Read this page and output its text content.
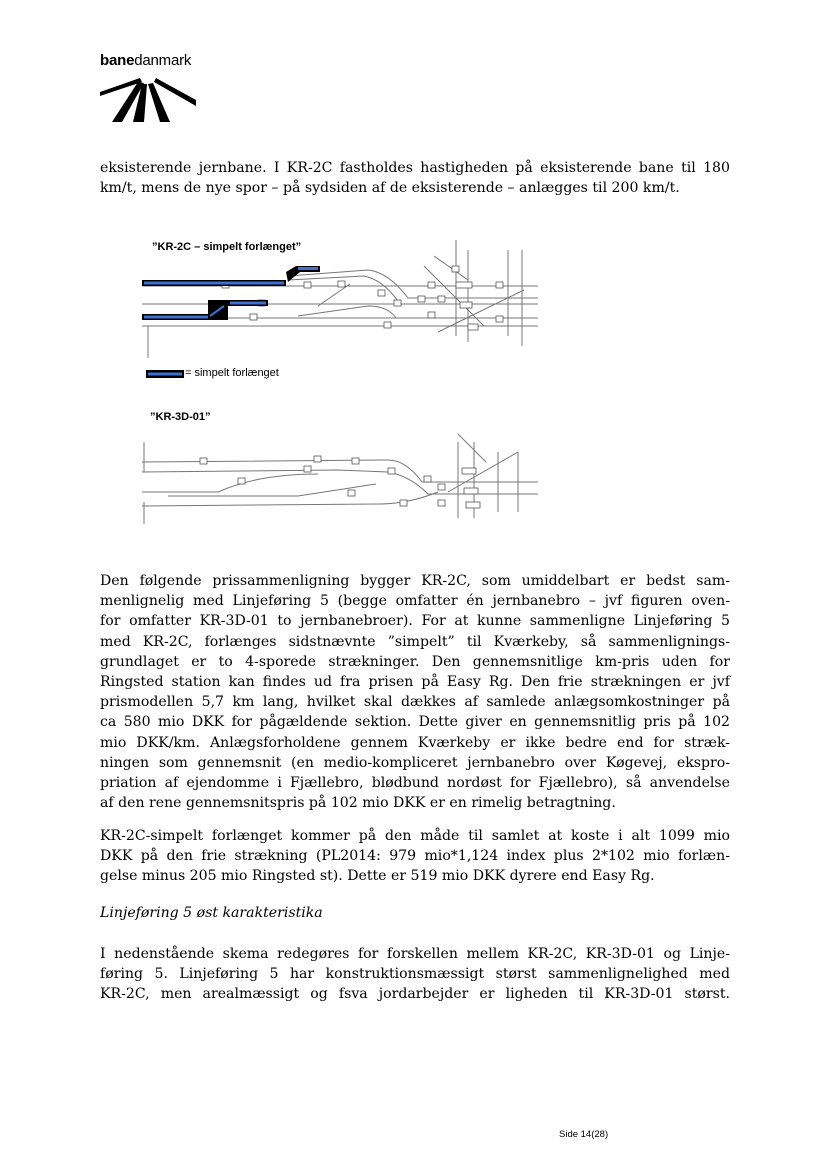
banedanmark

eksisterende jernbane. I KR-2C fastholdes hastigheden på eksisterende bane til 180
km/t, mens de nye spor – på sydsiden af de eksisterende – anlægges til 200 km/t.

”KR-2C – simpelt forlænget”
= simpelt forlænget
”KR-3D-01”

Den følgende prissammenligning bygger KR-2C, som umiddelbart er bedst sam-
menlignelig med Linjeføring 5 (begge omfatter én jernbanebro – jvf figuren oven-
for omfatter KR-3D-01 to jernbanebroer). For at kunne sammenligne Linjeføring 5
med KR-2C, forlænges sidstnævnte ”simpelt” til Kværkeby, så sammenlignings-
grundlaget er to 4-sporede strækninger. Den gennemsnitlige km-pris uden for
Ringsted station kan findes ud fra prisen på Easy Rg. Den frie strækningen er jvf
prismodellen 5,7 km lang, hvilket skal dækkes af samlede anlægsomkostninger på
ca 580 mio DKK for pågældende sektion. Dette giver en gennemsnitlig pris på 102
mio DKK/km. Anlægsforholdene gennem Kværkeby er ikke bedre end for stræk-
ningen som gennemsnit (en medio-kompliceret jernbanebro over Køgevej, ekspro-
priation af ejendomme i Fjællebro, blødbund nordøst for Fjællebro), så anvendelse
af den rene gennemsnitspris på 102 mio DKK er en rimelig betragtning.

KR-2C-simpelt forlænget kommer på den måde til samlet at koste i alt 1099 mio
DKK på den frie strækning (PL2014: 979 mio*1,124 index plus 2*102 mio forlæn-
gelse minus 205 mio Ringsted st). Dette er 519 mio DKK dyrere end Easy Rg.

Linjeføring 5 øst karakteristika

I nedenstående skema redegøres for forskellen mellem KR-2C, KR-3D-01 og Linje-
føring 5. Linjeføring 5 har konstruktionsmæssigt størst sammenlignelighed med
KR-2C, men arealmæssigt og fsva jordarbejder er ligheden til KR-3D-01 størst.

Side 14(28)
